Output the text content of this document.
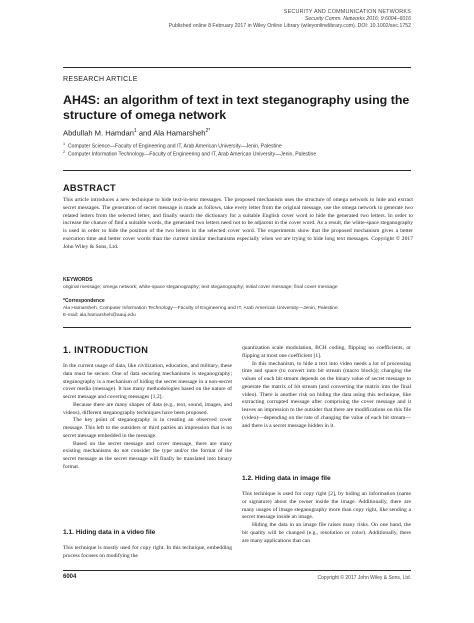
SECURITY AND COMMUNICATION NETWORKS
Security Comm. Networks 2016; 9:6004–6016
Published online 8 February 2017 in Wiley Online Library (wileyonlinelibrary.com). DOI: 10.1002/sec.1752
RESEARCH ARTICLE
AH4S: an algorithm of text in text steganography using the structure of omega network
Abdullah M. Hamdan$^1$ and Ala Hamarsheh$^{2*}$
$^1$ Computer Science—Faculty of Engineering and IT, Arab American University—Jenin, Palestine
$^2$ Computer Information Technology—Faculty of Engineering and IT, Arab American University—Jenin, Palestine
ABSTRACT
This article introduces a new technique to hide text-in-text messages. The proposed mechanism uses the structure of omega network to hide and extract secret messages. The generation of secret message is made as follows, take every letter from the original message, use the omega network to generate two related letters from the selected letter, and finally search the dictionary for a suitable English cover word to hide the generated two letters. In order to increase the chance of find a suitable words, the generated two letters need not to be adjacent in the cover word. As a result, the white-space steganography is used in order to hide the position of the two letters in the selected cover word. The experiments show that the proposed mechanism gives a better execution time and better cover words than the current similar mechanisms especially when we are trying to hide long text messages. Copyright © 2017 John Wiley & Sons, Ltd.
KEYWORDS
original message; omega network; white-space steganography; text steganography; initial cover message; final cover message
*Correspondence
Ala Hamarsheh, Computer Information Technology—Faculty of Engineering and IT, Arab American University—Jenin, Palestine.
E-mail: ala.hamarsheh@aauj.edu
1. INTRODUCTION

In the current usage of data, like civilization, education, and military, these data must be secure. One of data securing mechanisms is steganography; steganography is a mechanism of hiding the secret message in a non-secret cover media (message). It has many methodologies based on the nature of secret message and covering messages [1,2].

Because there are many shapes of data (e.g., text, sound, images, and videos), different steganography techniques have been proposed.

The key point of steganography is in creating an observed cover message. This left to the outsiders or third parties an impression that is no secret message embedded in the message.

Based on the secret message and cover message, there are many existing mechanisms do not consider the type and/or the format of the secret message as the secret message will finally be translated into binary format.

1.1. Hiding data in a video file

This technique is mostly used for copy right. In this technique, embedding process focuses on modifying the

quantization scale modulation, BCH coding, flipping no coefficients, or flipping at most one coefficient [1].

In this mechanism, to hide a text into video needs a lot of processing time and space (to convert into bit stream (macro block)); changing the values of each bit stream depends on the binary value of secret message to generate the matrix of bit stream (and converting the matrix into the final video). There is another risk on hiding the data using this technique, like extracting corrupted message after comprising the cover message and it leaves an impression to the outsider that there are modifications on this file (video)—depending on the rate of changing the value of each bit stream—and there is a secret message hidden in it.

1.2. Hiding data in image file

This technique is used for copy right [2], by hiding an information (name or signature) about the owner inside the image. Additionally, there are many usages of image steganography more than copy right, like sending a secret message inside an image.

Hiding the data in an image file raises many risks. On one hand, the bit quality will be changed (e.g., resolution or color). Additionally, there are many applications that can

6004	Copyright © 2017 John Wiley & Sons, Ltd.
